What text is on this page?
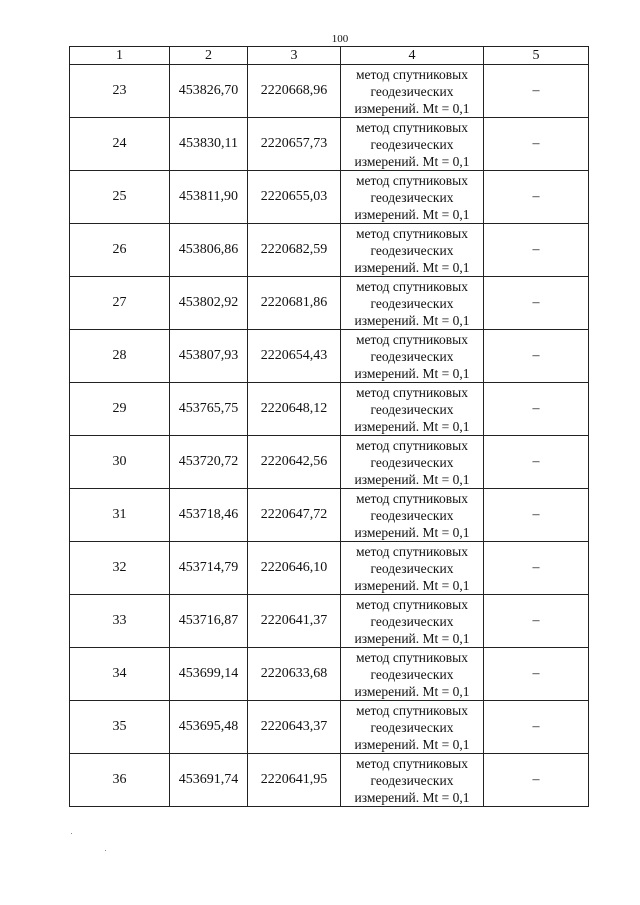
100
1	2	3	4	5
23	453826,70	2220668,96	метод спутниковых геодезических измерений. Mt = 0,1	–
24	453830,11	2220657,73	метод спутниковых геодезических измерений. Mt = 0,1	–
25	453811,90	2220655,03	метод спутниковых геодезических измерений. Mt = 0,1	–
26	453806,86	2220682,59	метод спутниковых геодезических измерений. Mt = 0,1	–
27	453802,92	2220681,86	метод спутниковых геодезических измерений. Mt = 0,1	–
28	453807,93	2220654,43	метод спутниковых геодезических измерений. Mt = 0,1	–
29	453765,75	2220648,12	метод спутниковых геодезических измерений. Mt = 0,1	–
30	453720,72	2220642,56	метод спутниковых геодезических измерений. Mt = 0,1	–
31	453718,46	2220647,72	метод спутниковых геодезических измерений. Mt = 0,1	–
32	453714,79	2220646,10	метод спутниковых геодезических измерений. Mt = 0,1	–
33	453716,87	2220641,37	метод спутниковых геодезических измерений. Mt = 0,1	–
34	453699,14	2220633,68	метод спутниковых геодезических измерений. Mt = 0,1	–
35	453695,48	2220643,37	метод спутниковых геодезических измерений. Mt = 0,1	–
36	453691,74	2220641,95	метод спутниковых геодезических измерений. Mt = 0,1	–
